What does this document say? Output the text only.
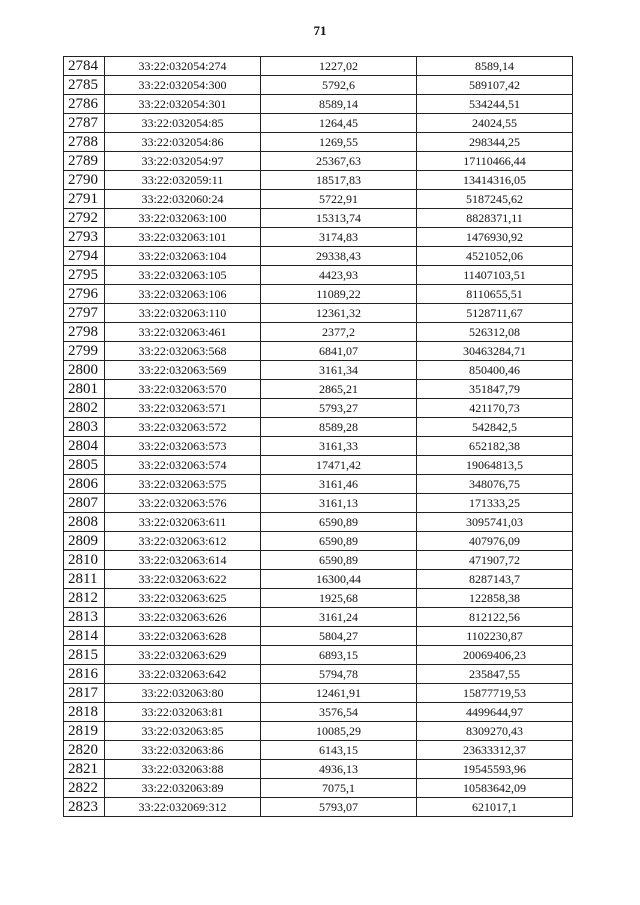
71
2784	33:22:032054:274	1227,02	8589,14
2785	33:22:032054:300	5792,6	589107,42
2786	33:22:032054:301	8589,14	534244,51
2787	33:22:032054:85	1264,45	24024,55
2788	33:22:032054:86	1269,55	298344,25
2789	33:22:032054:97	25367,63	17110466,44
2790	33:22:032059:11	18517,83	13414316,05
2791	33:22:032060:24	5722,91	5187245,62
2792	33:22:032063:100	15313,74	8828371,11
2793	33:22:032063:101	3174,83	1476930,92
2794	33:22:032063:104	29338,43	4521052,06
2795	33:22:032063:105	4423,93	11407103,51
2796	33:22:032063:106	11089,22	8110655,51
2797	33:22:032063:110	12361,32	5128711,67
2798	33:22:032063:461	2377,2	526312,08
2799	33:22:032063:568	6841,07	30463284,71
2800	33:22:032063:569	3161,34	850400,46
2801	33:22:032063:570	2865,21	351847,79
2802	33:22:032063:571	5793,27	421170,73
2803	33:22:032063:572	8589,28	542842,5
2804	33:22:032063:573	3161,33	652182,38
2805	33:22:032063:574	17471,42	19064813,5
2806	33:22:032063:575	3161,46	348076,75
2807	33:22:032063:576	3161,13	171333,25
2808	33:22:032063:611	6590,89	3095741,03
2809	33:22:032063:612	6590,89	407976,09
2810	33:22:032063:614	6590,89	471907,72
2811	33:22:032063:622	16300,44	8287143,7
2812	33:22:032063:625	1925,68	122858,38
2813	33:22:032063:626	3161,24	812122,56
2814	33:22:032063:628	5804,27	1102230,87
2815	33:22:032063:629	6893,15	20069406,23
2816	33:22:032063:642	5794,78	235847,55
2817	33:22:032063:80	12461,91	15877719,53
2818	33:22:032063:81	3576,54	4499644,97
2819	33:22:032063:85	10085,29	8309270,43
2820	33:22:032063:86	6143,15	23633312,37
2821	33:22:032063:88	4936,13	19545593,96
2822	33:22:032063:89	7075,1	10583642,09
2823	33:22:032069:312	5793,07	621017,1
